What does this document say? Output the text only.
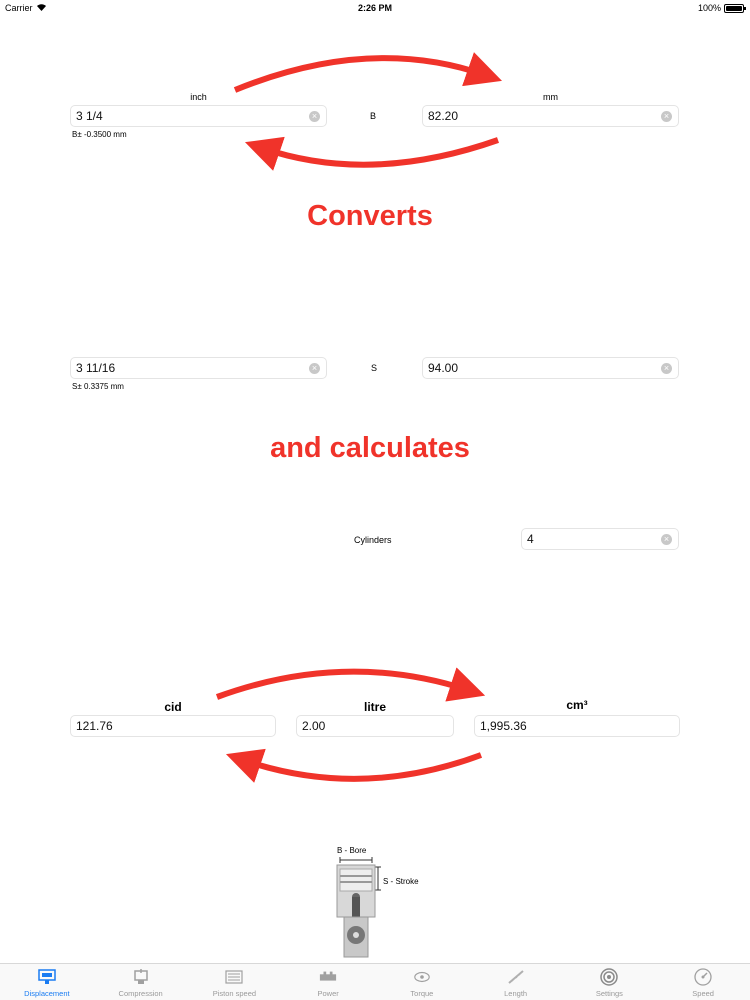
Carrier	2:26 PM	100%
inch	mm
3 1/4	×	B	82.20	×
B± -0.3500 mm
Converts
3 11/16	×	S	94.00	×
S± 0.3375 mm
and calculates
Cylinders	4	×
cid	litre	cm³
121.76	2.00	1,995.36
B - Bore
S - Stroke
Displacement	Compression	Piston speed	Power	Torque	Length	Settings	Speed
